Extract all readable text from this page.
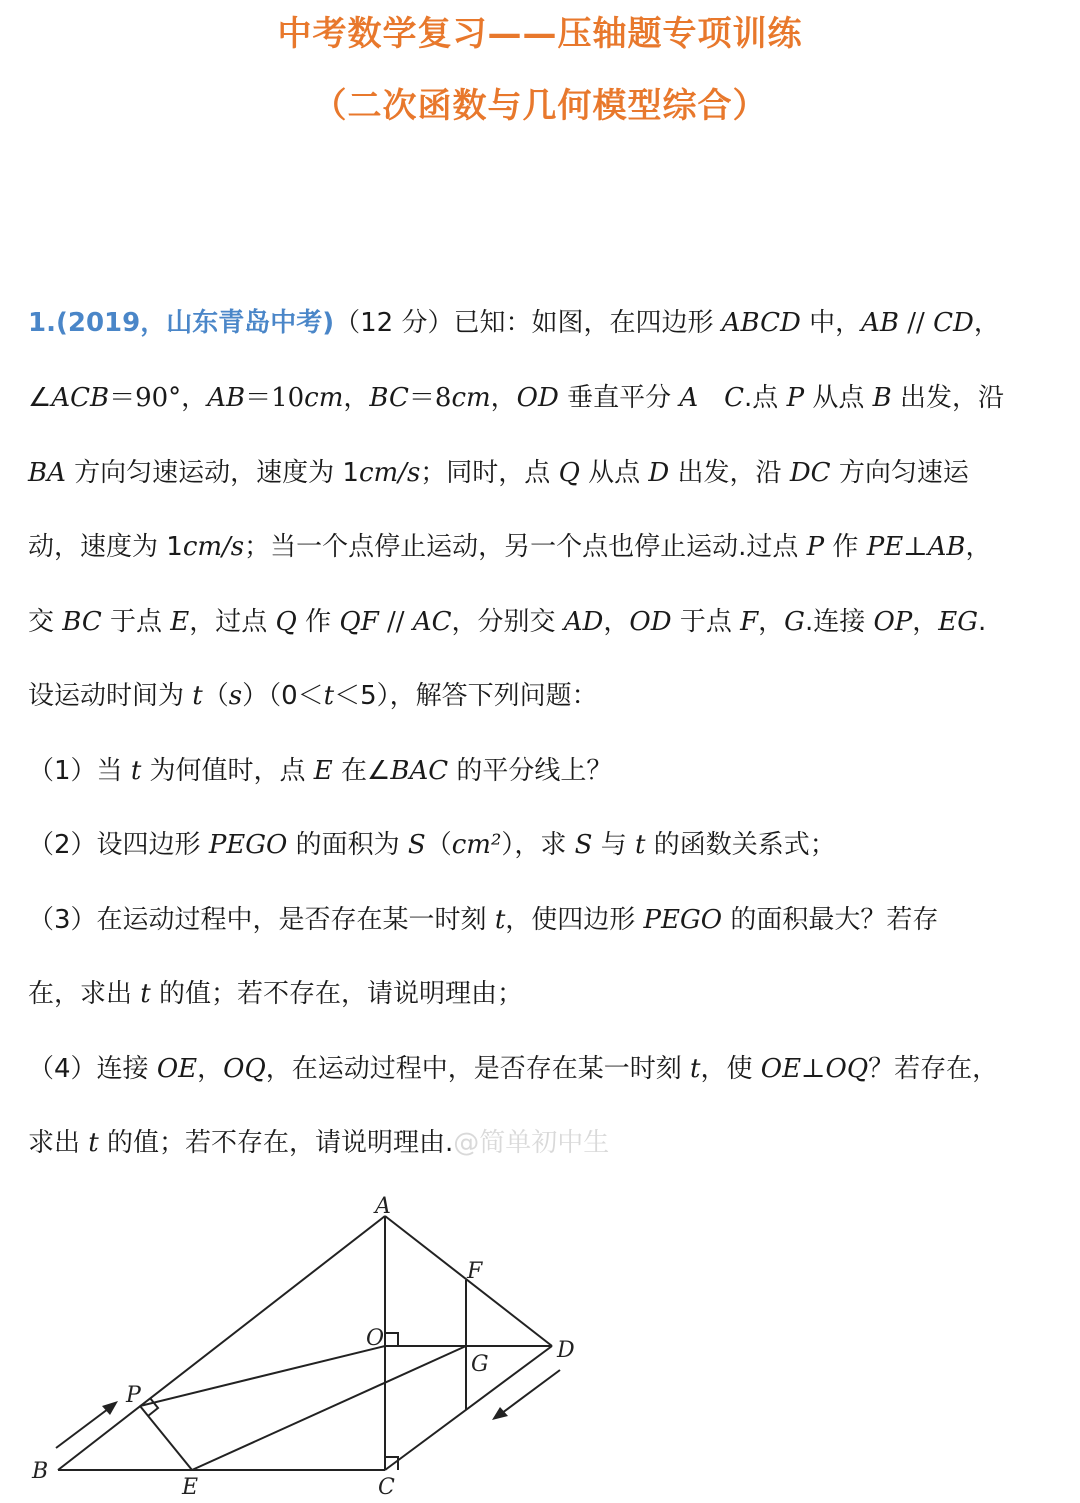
中考数学复习——压轴题专项训练
（二次函数与几何模型综合）
1.(2019，山东青岛中考)（12 分）已知：如图，在四边形 ABCD 中，AB // CD，
∠ACB＝90°，AB＝10cm，BC＝8cm，OD 垂直平分 A　C.点 P 从点 B 出发，沿
BA 方向匀速运动，速度为 1cm/s；同时，点 Q 从点 D 出发，沿 DC 方向匀速运
动，速度为 1cm/s；当一个点停止运动，另一个点也停止运动.过点 P 作 PE⊥AB，
交 BC 于点 E，过点 Q 作 QF // AC，分别交 AD，OD 于点 F，G.连接 OP，EG.
设运动时间为 t（s）（0＜t＜5），解答下列问题：
（1）当 t 为何值时，点 E 在∠BAC 的平分线上？
（2）设四边形 PEGO 的面积为 S（cm²），求 S 与 t 的函数关系式；
（3）在运动过程中，是否存在某一时刻 t，使四边形 PEGO 的面积最大？若存
在，求出 t 的值；若不存在，请说明理由；
（4）连接 OE，OQ，在运动过程中，是否存在某一时刻 t，使 OE⊥OQ？若存在，
求出 t 的值；若不存在，请说明理由.@简单初中生
A
B
C
D
E
F
G
O
P
